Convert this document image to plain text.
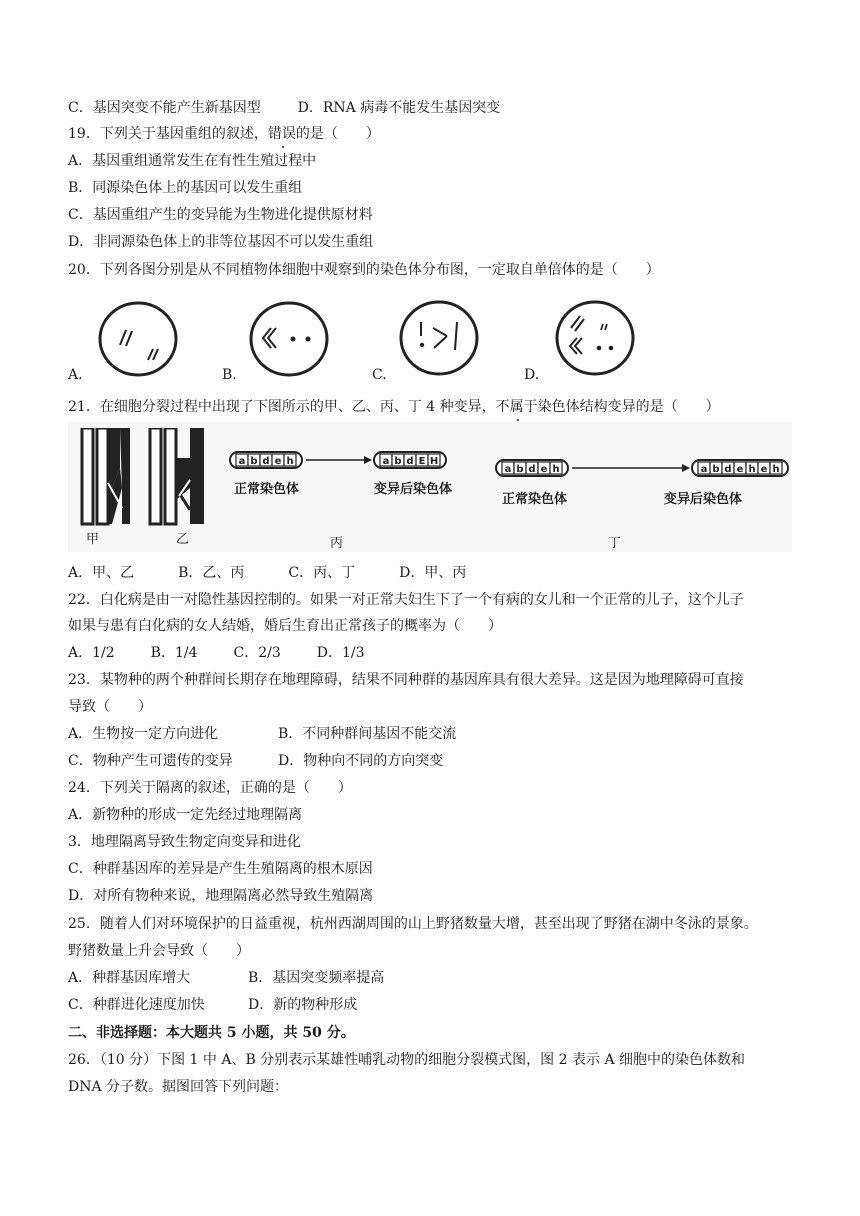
C．基因突变不能产生新基因型	D．RNA 病毒不能发生基因突变
19．下列关于基因重组的叙述，错误的是（　　）
A．基因重组通常发生在有性生殖过程中
B．同源染色体上的基因可以发生重组
C．基因重组产生的变异能为生物进化提供原材料
D．非同源染色体上的非等位基因不可以发生重组
20．下列各图分别是从不同植物体细胞中观察到的染色体分布图，一定取自单倍体的是（　　）
A.	B.	C.	D.
21．在细胞分裂过程中出现了下图所示的甲、乙、丙、丁 4 种变异，不属于染色体结构变异的是（　　）
甲	乙
a b d e h	a b d E H
正常染色体	变异后染色体
丙
a b d e h	a b d e h e h
正常染色体	变异后染色体
丁
A．甲、乙	B．乙、丙	C．丙、丁	D．甲、丙
22．白化病是由一对隐性基因控制的。如果一对正常夫妇生下了一个有病的女儿和一个正常的儿子，这个儿子
如果与患有白化病的女人结婚，婚后生育出正常孩子的概率为（　　）
A．1/2	B．1/4	C．2/3	D．1/3
23．某物种的两个种群间长期存在地理障碍，结果不同种群的基因库具有很大差异。这是因为地理障碍可直接
导致（　　）
A．生物按一定方向进化	B．不同种群间基因不能交流
C．物种产生可遗传的变异	D．物种向不同的方向突变
24．下列关于隔离的叙述，正确的是（　　）
A．新物种的形成一定先经过地理隔离
3．地理隔离导致生物定向变异和进化
C．种群基因库的差异是产生生殖隔离的根木原因
D．对所有物种来说，地理隔离必然导致生殖隔离
25．随着人们对环境保护的日益重视，杭州西湖周围的山上野猪数量大增，甚至出现了野猪在湖中冬泳的景象。
野猪数量上升会导致（　　）
A．种群基因库增大	B．基因突变频率提高
C．种群进化速度加快	D．新的物种形成
二、非选择题：本大题共 5 小题，共 50 分。
26．（10 分）下图 1 中 A、B 分别表示某雄性哺乳动物的细胞分裂模式图，图 2 表示 A 细胞中的染色体数和
DNA 分子数。据图回答下列问题：
